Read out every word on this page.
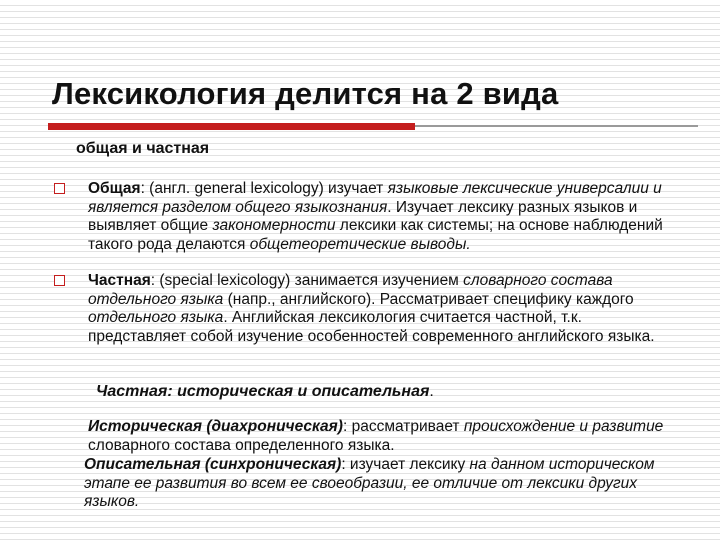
Лексикология делится на 2 вида
общая и частная

Общая: (англ. general lexicology) изучает языковые лексические универсалии и является разделом общего языкознания. Изучает лексику разных языков и выявляет общие закономерности лексики как системы; на основе наблюдений такого рода делаются общетеоретические выводы.

Частная: (special lexicology) занимается изучением словарного состава отдельного языка (напр., английского). Рассматривает специфику каждого отдельного языка. Английская лексикология считается частной, т.к. представляет собой изучение особенностей современного английского языка.

Частная: историческая и описательная.

Историческая (диахроническая): рассматривает происхождение и развитие словарного состава определенного языка.

Описательная (синхроническая): изучает лексику на данном историческом этапе ее развития во всем ее своеобразии, ее отличие от лексики других языков.
